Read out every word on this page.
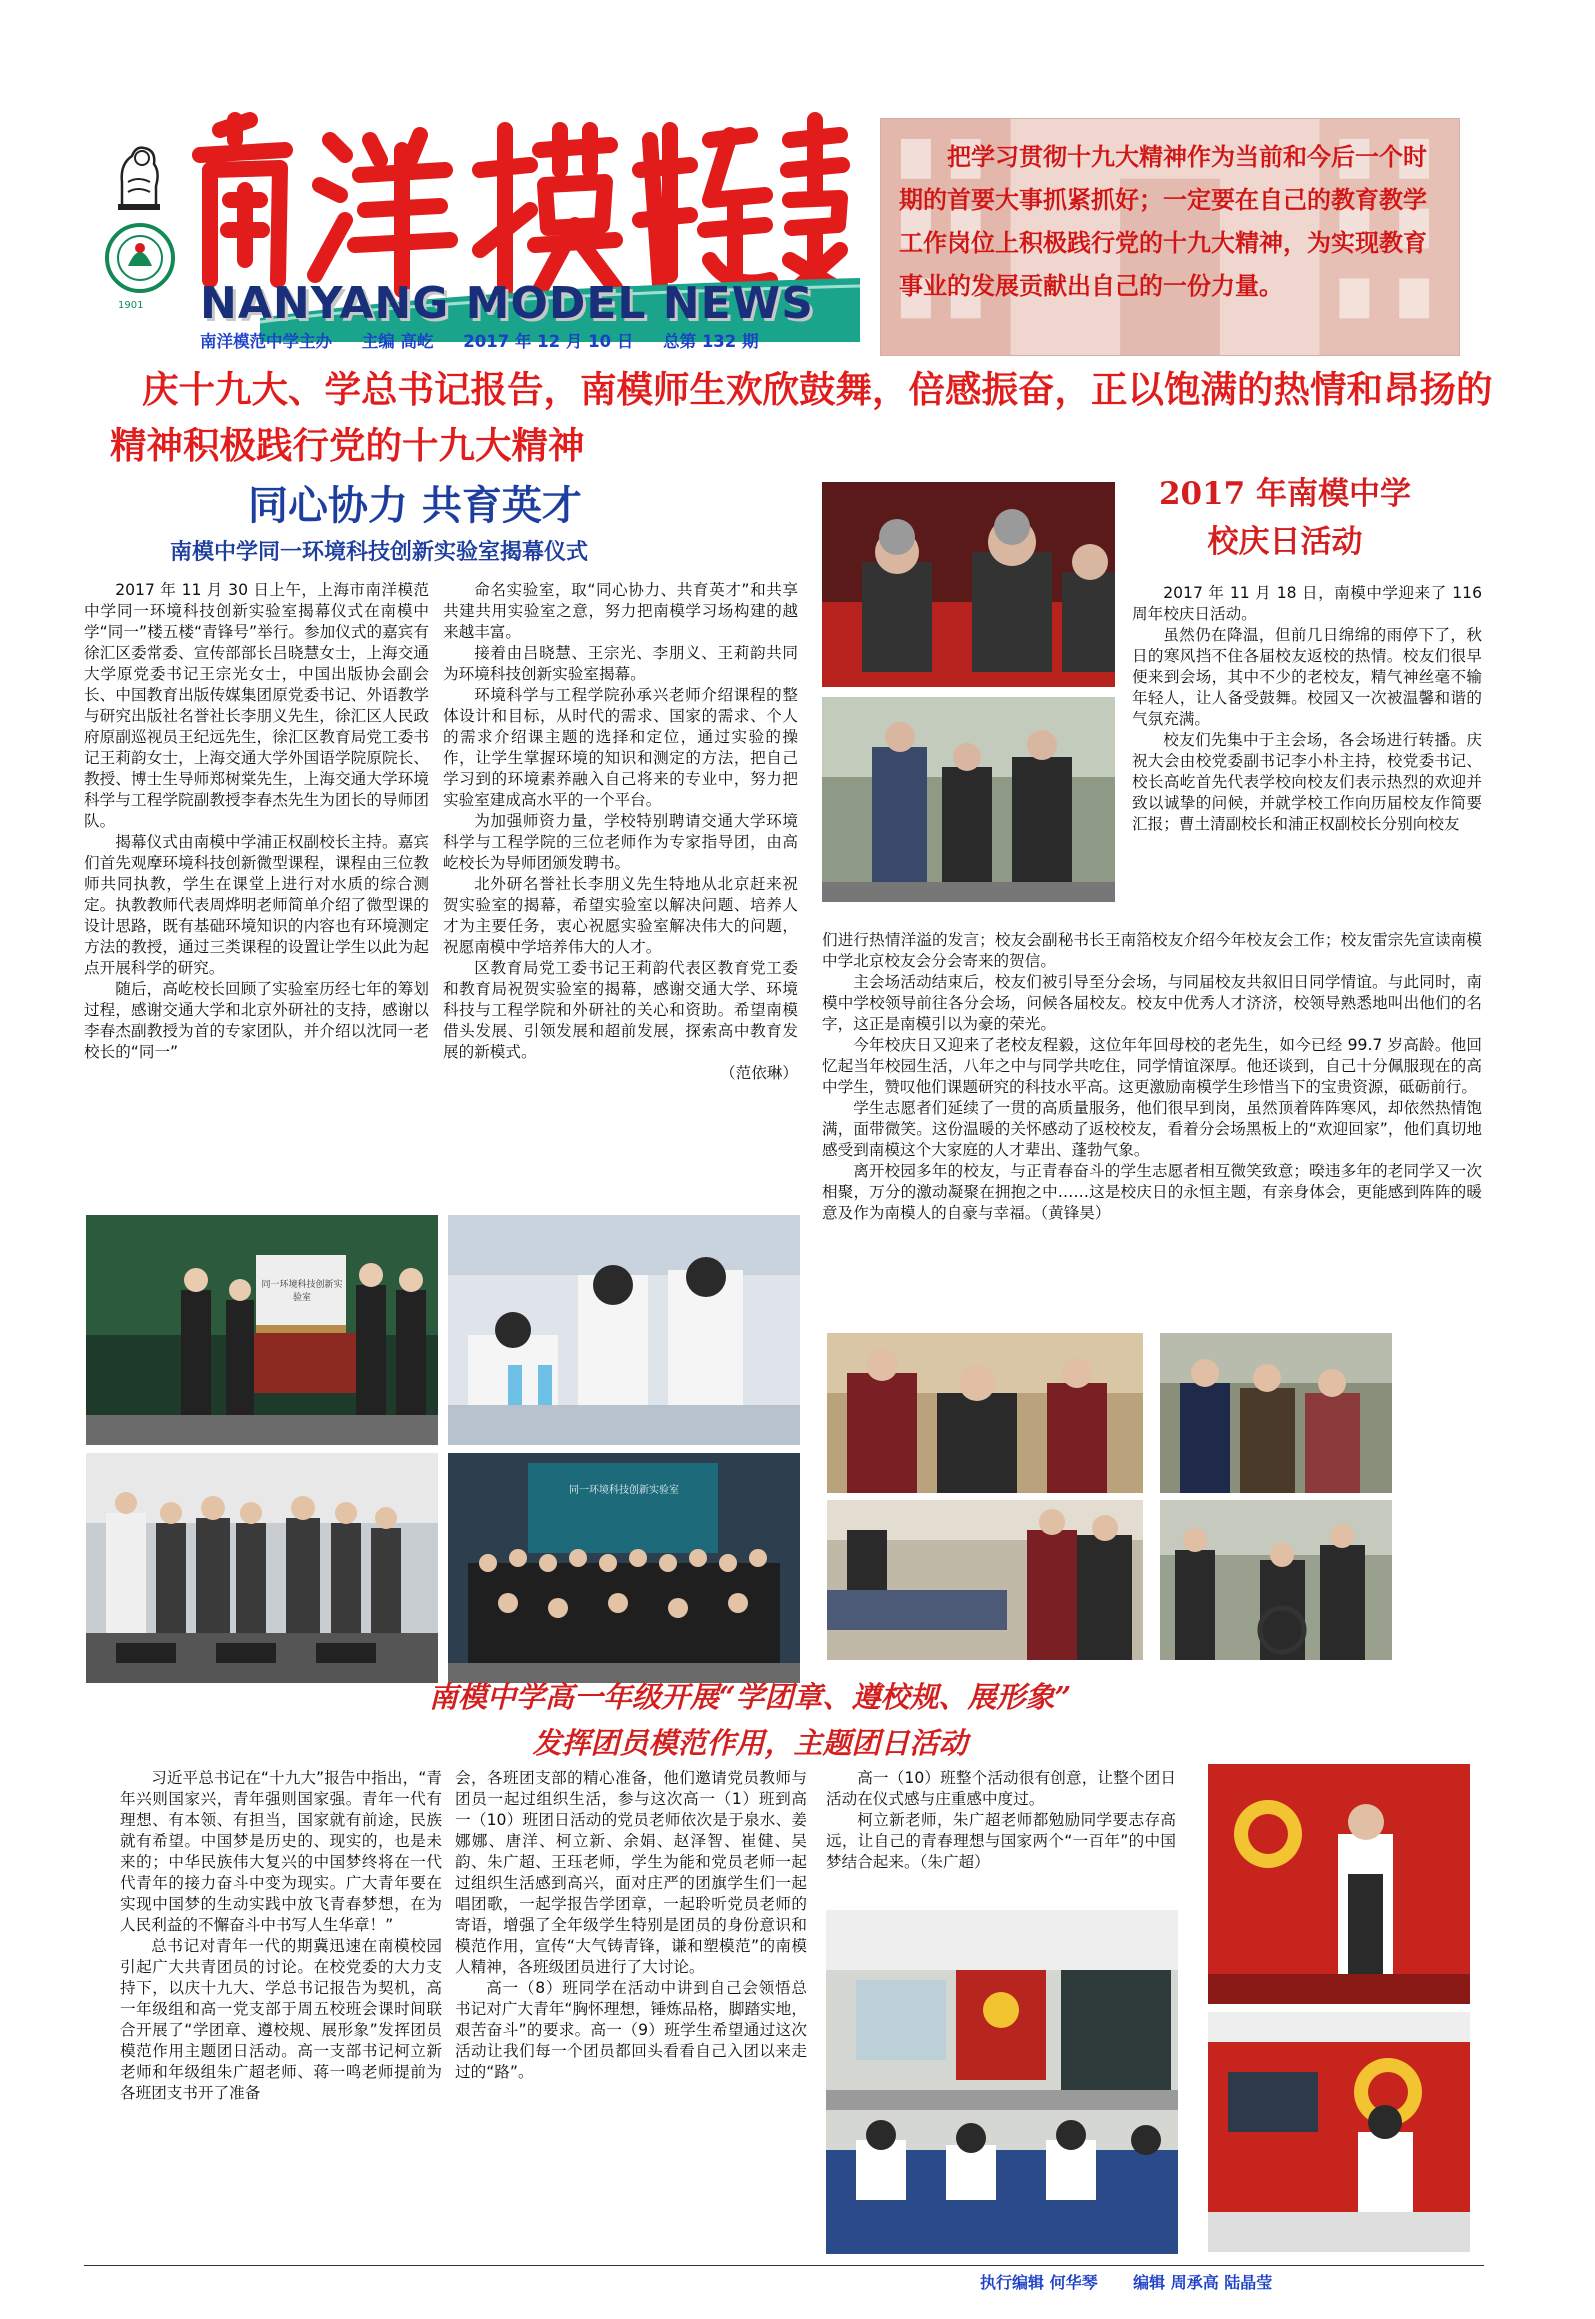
1901 NANYANG MODEL NEWS
南洋模范中学主办 主编 高屹 2017 年 12 月 10 日 总第 132 期
把学习贯彻十九大精神作为当前和今后一个时期的首要大事抓紧抓好；一定要在自己的教育教学工作岗位上积极践行党的十九大精神，为实现教育事业的发展贡献出自己的一份力量。
庆十九大、学总书记报告，南模师生欢欣鼓舞，倍感振奋，正以饱满的热情和昂扬的精神积极践行党的十九大精神
同心协力 共育英才
南模中学同一环境科技创新实验室揭幕仪式

2017 年 11 月 30 日上午，上海市南洋模范中学同一环境科技创新实验室揭幕仪式在南模中学“同一”楼五楼“青锋号”举行。参加仪式的嘉宾有徐汇区委常委、宣传部部长吕晓慧女士，上海交通大学原党委书记王宗光女士，中国出版协会副会长、中国教育出版传媒集团原党委书记、外语教学与研究出版社名誉社长李朋义先生，徐汇区人民政府原副巡视员王纪远先生，徐汇区教育局党工委书记王莉韵女士，上海交通大学外国语学院原院长、教授、博士生导师郑树棠先生，上海交通大学环境科学与工程学院副教授李春杰先生为团长的导师团队。

揭幕仪式由南模中学浦正权副校长主持。嘉宾们首先观摩环境科技创新微型课程，课程由三位教师共同执教，学生在课堂上进行对水质的综合测定。执教教师代表周烨明老师简单介绍了微型课的设计思路，既有基础环境知识的内容也有环境测定方法的教授，通过三类课程的设置让学生以此为起点开展科学的研究。

随后，高屹校长回顾了实验室历经七年的筹划过程，感谢交通大学和北京外研社的支持，感谢以李春杰副教授为首的专家团队，并介绍以沈同一老校长的“同一”

命名实验室，取“同心协力、共育英才”和共享共建共用实验室之意，努力把南模学习场构建的越来越丰富。

接着由吕晓慧、王宗光、李朋义、王莉韵共同为环境科技创新实验室揭幕。

环境科学与工程学院孙承兴老师介绍课程的整体设计和目标，从时代的需求、国家的需求、个人的需求介绍课主题的选择和定位，通过实验的操作，让学生掌握环境的知识和测定的方法，把自己学习到的环境素养融入自己将来的专业中，努力把实验室建成高水平的一个平台。

为加强师资力量，学校特别聘请交通大学环境科学与工程学院的三位老师作为专家指导团，由高屹校长为导师团颁发聘书。

北外研名誉社长李朋义先生特地从北京赶来祝贺实验室的揭幕，希望实验室以解决问题、培养人才为主要任务，衷心祝愿实验室解决伟大的问题，祝愿南模中学培养伟大的人才。

区教育局党工委书记王莉韵代表区教育党工委和教育局祝贺实验室的揭幕，感谢交通大学、环境科技与工程学院和外研社的关心和资助。希望南模借头发展、引领发展和超前发展，探索高中教育发展的新模式。

（范依琳）

同一环境科技创新实验室
同一环境科技创新实验室
2017 年南模中学
校庆日活动

2017 年 11 月 18 日，南模中学迎来了 116 周年校庆日活动。

虽然仍在降温，但前几日绵绵的雨停下了，秋日的寒风挡不住各届校友返校的热情。校友们很早便来到会场，其中不少的老校友，精气神丝毫不输年轻人，让人备受鼓舞。校园又一次被温馨和谐的气氛充满。

校友们先集中于主会场，各会场进行转播。庆祝大会由校党委副书记李小朴主持，校党委书记、校长高屹首先代表学校向校友们表示热烈的欢迎并致以诚挚的问候，并就学校工作向历届校友作简要汇报；曹土清副校长和浦正权副校长分别向校友

们进行热情洋溢的发言；校友会副秘书长王南箔校友介绍今年校友会工作；校友雷宗先宣读南模中学北京校友会分会寄来的贺信。

主会场活动结束后，校友们被引导至分会场，与同届校友共叙旧日同学情谊。与此同时，南模中学校领导前往各分会场，问候各届校友。校友中优秀人才济济，校领导熟悉地叫出他们的名字，这正是南模引以为豪的荣光。

今年校庆日又迎来了老校友程毅，这位年年回母校的老先生，如今已经 99.7 岁高龄。他回忆起当年校园生活，八年之中与同学共吃住，同学情谊深厚。他还谈到，自己十分佩服现在的高中学生，赞叹他们课题研究的科技水平高。这更激励南模学生珍惜当下的宝贵资源，砥砺前行。

学生志愿者们延续了一贯的高质量服务，他们很早到岗，虽然顶着阵阵寒风，却依然热情饱满，面带微笑。这份温暖的关怀感动了返校校友，看着分会场黑板上的“欢迎回家”，他们真切地感受到南模这个大家庭的人才辈出、蓬勃气象。

离开校园多年的校友，与正青春奋斗的学生志愿者相互微笑致意；暌违多年的老同学又一次相聚，万分的激动凝聚在拥抱之中……这是校庆日的永恒主题，有亲身体会，更能感到阵阵的暖意及作为南模人的自豪与幸福。（黄锋昊）

南模中学高一年级开展“学团章、遵校规、展形象”
发挥团员模范作用，主题团日活动

习近平总书记在“十九大”报告中指出，“青年兴则国家兴，青年强则国家强。青年一代有理想、有本领、有担当，国家就有前途，民族就有希望。中国梦是历史的、现实的，也是未来的；中华民族伟大复兴的中国梦终将在一代代青年的接力奋斗中变为现实。广大青年要在实现中国梦的生动实践中放飞青春梦想，在为人民利益的不懈奋斗中书写人生华章！”

总书记对青年一代的期冀迅速在南模校园引起广大共青团员的讨论。在校党委的大力支持下，以庆十九大、学总书记报告为契机，高一年级组和高一党支部于周五校班会课时间联合开展了“学团章、遵校规、展形象”发挥团员模范作用主题团日活动。高一支部书记柯立新老师和年级组朱广超老师、蒋一鸣老师提前为各班团支书开了准备

会，各班团支部的精心准备，他们邀请党员教师与团员一起过组织生活，参与这次高一（1）班到高一（10）班团日活动的党员老师依次是于泉水、姜娜娜、唐洋、柯立新、余娟、赵泽智、崔健、吴韵、朱广超、王珏老师，学生为能和党员老师一起过组织生活感到高兴，面对庄严的团旗学生们一起唱团歌，一起学报告学团章，一起聆听党员老师的寄语，增强了全年级学生特别是团员的身份意识和模范作用，宣传“大气铸青锋，谦和塑模范”的南模人精神，各班级团员进行了大讨论。

高一（8）班同学在活动中讲到自己会领悟总书记对广大青年“胸怀理想，锤炼品格，脚踏实地，艰苦奋斗”的要求。高一（9）班学生希望通过这次活动让我们每一个团员都回头看看自己入团以来走过的“路”。

高一（10）班整个活动很有创意，让整个团日活动在仪式感与庄重感中度过。

柯立新老师，朱广超老师都勉励同学要志存高远，让自己的青春理想与国家两个“一百年”的中国梦结合起来。（朱广超）

执行编辑 何华琴 编辑 周承高 陆晶莹
